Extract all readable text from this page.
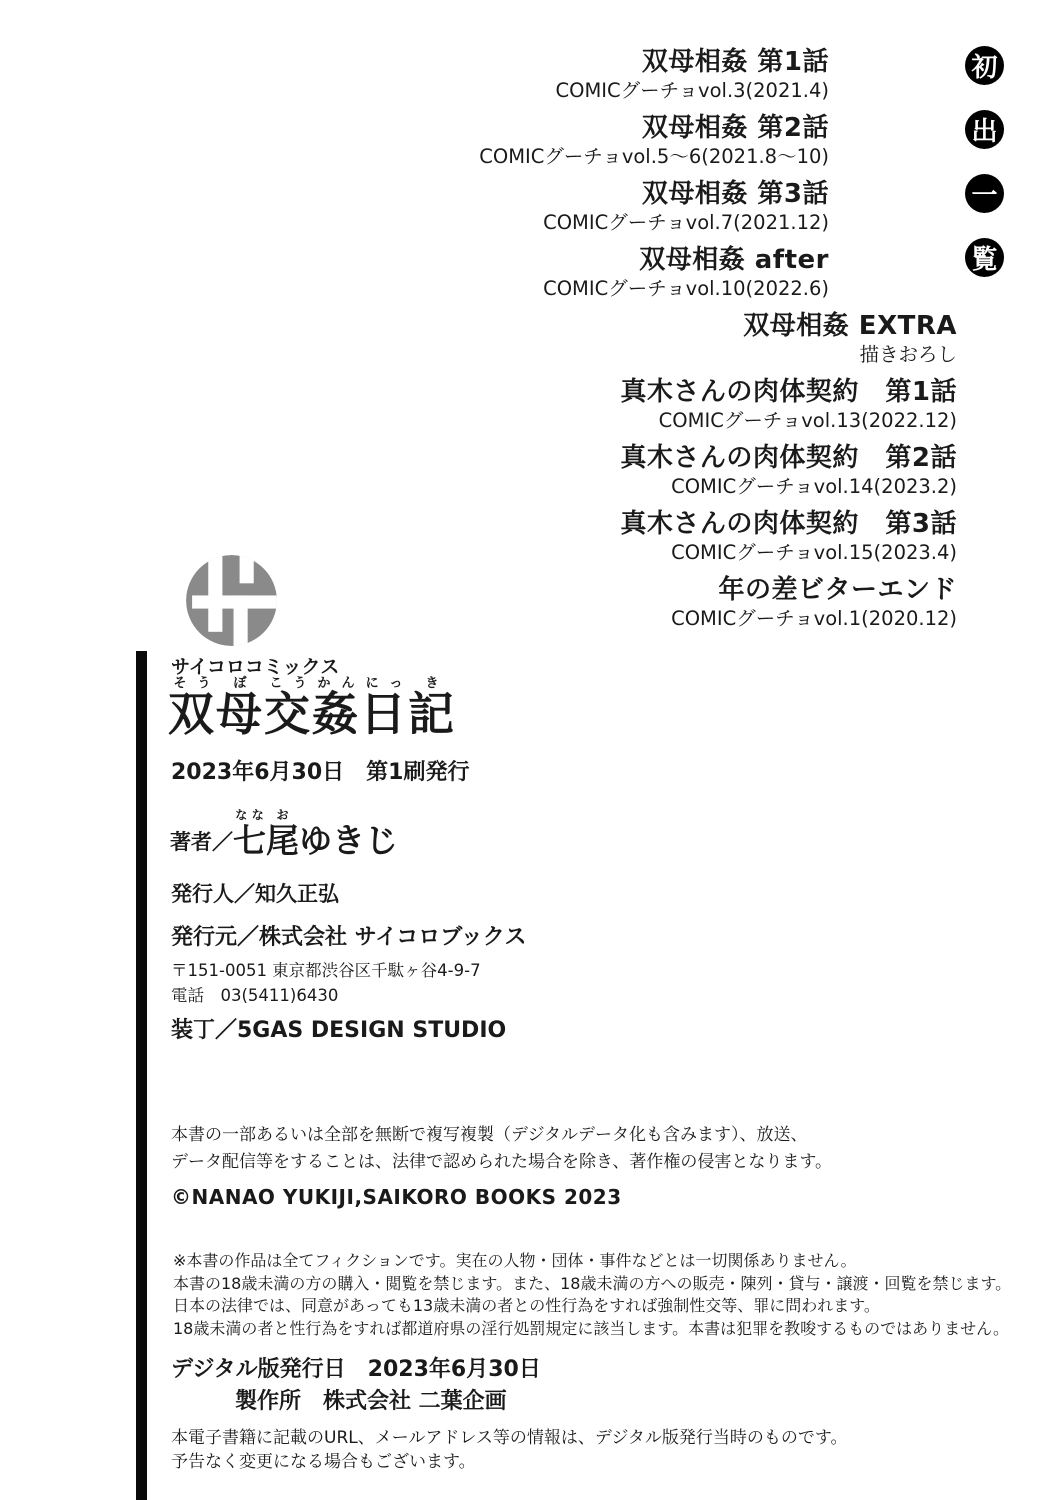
双母相姦 第1話
COMICグーチョvol.3(2021.4)
双母相姦 第2話
COMICグーチョvol.5～6(2021.8～10)
双母相姦 第3話
COMICグーチョvol.7(2021.12)
双母相姦 after
COMICグーチョvol.10(2022.6)
双母相姦 EXTRA
描きおろし
真木さんの肉体契約　第1話
COMICグーチョvol.13(2022.12)
真木さんの肉体契約　第2話
COMICグーチョvol.14(2023.2)
真木さんの肉体契約　第3話
COMICグーチョvol.15(2023.4)
年の差ビターエンド
COMICグーチョvol.1(2020.12)
初
出
一
覧
サイコロコミックス
双そう母ぼ交こう姦かん日にっ記き
2023年6月30日　第1刷発行
著者／ 七なな尾おゆきじ
発行人／知久正弘
発行元／株式会社 サイコロブックス
〒151-0051 東京都渋谷区千駄ヶ谷4-9-7
電話　03(5411)6430
装丁／5GAS DESIGN STUDIO
本書の一部あるいは全部を無断で複写複製（デジタルデータ化も含みます）、放送、
データ配信等をすることは、法律で認められた場合を除き、著作権の侵害となります。
©NANAO YUKIJI,SAIKORO BOOKS 2023
※本書の作品は全てフィクションです。実在の人物・団体・事件などとは一切関係ありません。
本書の18歳未満の方の購入・閲覧を禁じます。また、18歳未満の方への販売・陳列・貸与・譲渡・回覧を禁じます。
日本の法律では、同意があっても13歳未満の者との性行為をすれば強制性交等、罪に問われます。
18歳未満の者と性行為をすれば都道府県の淫行処罰規定に該当します。本書は犯罪を教唆するものではありません。
デジタル版発行日　2023年6月30日
製作所　株式会社 二葉企画
本電子書籍に記載のURL、メールアドレス等の情報は、デジタル版発行当時のものです。
予告なく変更になる場合もございます。
